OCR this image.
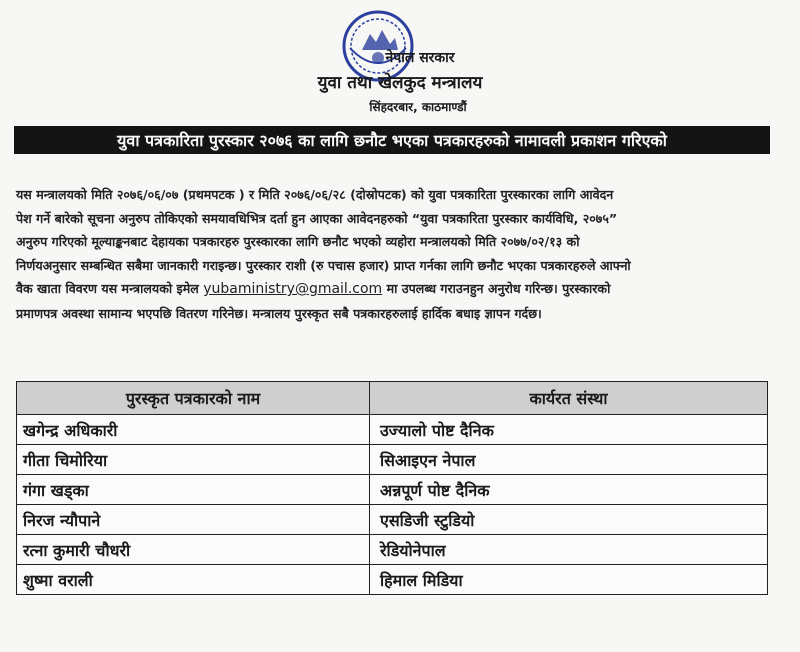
नेपाल सरकार
युवा तथा खेलकुद मन्त्रालय
सिंहदरबार, काठमाण्डौं
युवा पत्रकारिता पुरस्कार २०७६ का लागि छनौट भएका पत्रकारहरुको नामावली प्रकाशन गरिएको
यस मन्त्रालयको मिति २०७६/०६/०७ (प्रथमपटक ) र मिति २०७६/०६/२८ (दोस्रोपटक) को युवा पत्रकारिता पुरस्कारका लागि आवेदन
पेश गर्ने बारेको सूचना अनुरुप तोकिएको समयावधिभित्र दर्ता हुन आएका आवेदनहरुको “युवा पत्रकारिता पुरस्कार कार्यविधि, २०७५”
अनुरुप गरिएको मूल्याङ्कनबाट देहायका पत्रकारहरु पुरस्कारका लागि छनौट भएको व्यहोरा मन्त्रालयको मिति २०७७/०२/१३ को
निर्णयअनुसार सम्बन्धित सबैमा जानकारी गराइन्छ। पुरस्कार राशी (रु पचास हजार) प्राप्त गर्नका लागि छनौट भएका पत्रकारहरुले आफ्नो
वैक खाता विवरण यस मन्त्रालयको इमेल yubaministry@gmail.com मा उपलब्ध गराउनहुन अनुरोध गरिन्छ। पुरस्कारको
प्रमाणपत्र अवस्था सामान्य भएपछि वितरण गरिनेछ। मन्त्रालय पुरस्कृत सबै पत्रकारहरुलाई हार्दिक बधाइ ज्ञापन गर्दछ।
पुरस्कृत पत्रकारको नाम	कार्यरत संस्था
खगेन्द्र अधिकारी	उज्यालो पोष्ट दैनिक
गीता चिमोरिया	सिआइएन नेपाल
गंगा खड्का	अन्नपूर्ण पोष्ट दैनिक
निरज न्यौपाने	एसडिजी स्टुडियो
रत्ना कुमारी चौधरी	रेडियोनेपाल
शुष्मा वराली	हिमाल मिडिया
